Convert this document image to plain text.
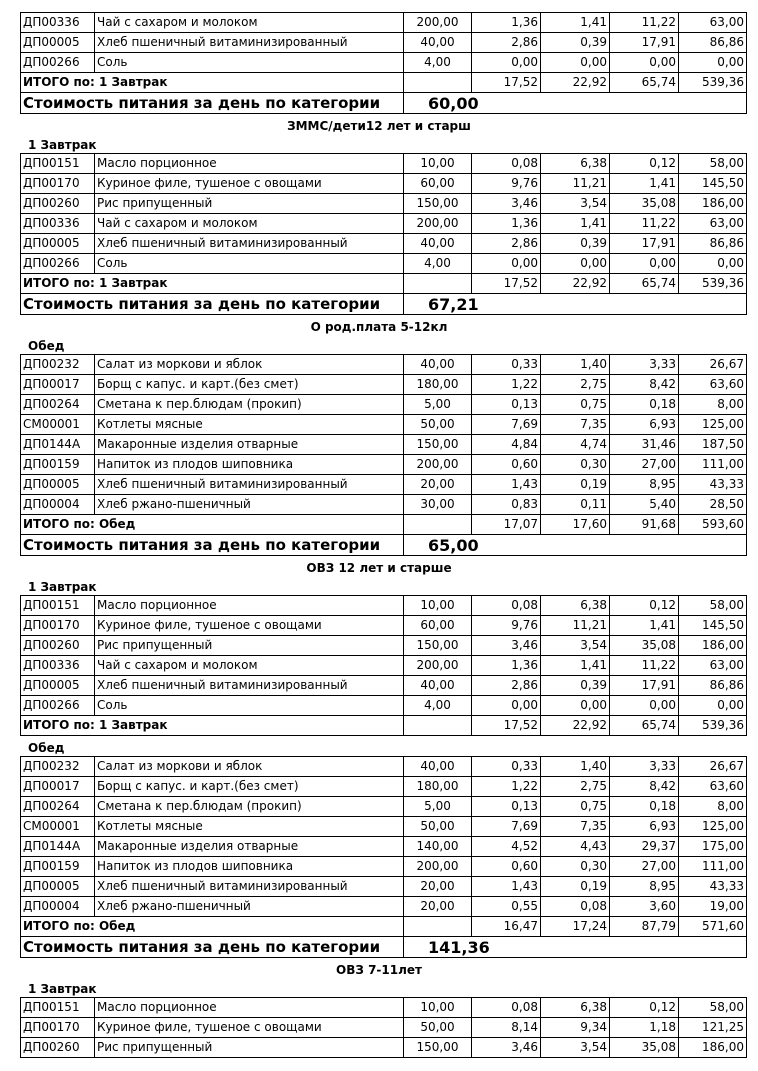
ДП00336	Чай с сахаром и молоком	200,00	1,36	1,41	11,22	63,00
ДП00005	Хлеб пшеничный витаминизированный	40,00	2,86	0,39	17,91	86,86
ДП00266	Соль	4,00	0,00	0,00	0,00	0,00
ИТОГО по: 1 Завтрак			17,52	22,92	65,74	539,36
Стоимость питания за день по категории		60,00				
ЗММС/дети12 лет и старш
1 Завтрак
ДП00151	Масло порционное	10,00	0,08	6,38	0,12	58,00
ДП00170	Куриное филе, тушеное с овощами	60,00	9,76	11,21	1,41	145,50
ДП00260	Рис припущенный	150,00	3,46	3,54	35,08	186,00
ДП00336	Чай с сахаром и молоком	200,00	1,36	1,41	11,22	63,00
ДП00005	Хлеб пшеничный витаминизированный	40,00	2,86	0,39	17,91	86,86
ДП00266	Соль	4,00	0,00	0,00	0,00	0,00
ИТОГО по: 1 Завтрак			17,52	22,92	65,74	539,36
Стоимость питания за день по категории		67,21				
О род.плата 5-12кл
Обед
ДП00232	Салат из моркови и яблок	40,00	0,33	1,40	3,33	26,67
ДП00017	Борщ с капус. и карт.(без смет)	180,00	1,22	2,75	8,42	63,60
ДП00264	Сметана к пер.блюдам (прокип)	5,00	0,13	0,75	0,18	8,00
СМ00001	Котлеты мясные	50,00	7,69	7,35	6,93	125,00
ДП0144А	Макаронные изделия отварные	150,00	4,84	4,74	31,46	187,50
ДП00159	Напиток из плодов шиповника	200,00	0,60	0,30	27,00	111,00
ДП00005	Хлеб пшеничный витаминизированный	20,00	1,43	0,19	8,95	43,33
ДП00004	Хлеб ржано-пшеничный	30,00	0,83	0,11	5,40	28,50
ИТОГО по: Обед			17,07	17,60	91,68	593,60
Стоимость питания за день по категории		65,00				
ОВЗ 12 лет и старше
1 Завтрак
ДП00151	Масло порционное	10,00	0,08	6,38	0,12	58,00
ДП00170	Куриное филе, тушеное с овощами	60,00	9,76	11,21	1,41	145,50
ДП00260	Рис припущенный	150,00	3,46	3,54	35,08	186,00
ДП00336	Чай с сахаром и молоком	200,00	1,36	1,41	11,22	63,00
ДП00005	Хлеб пшеничный витаминизированный	40,00	2,86	0,39	17,91	86,86
ДП00266	Соль	4,00	0,00	0,00	0,00	0,00
ИТОГО по: 1 Завтрак			17,52	22,92	65,74	539,36
Обед
ДП00232	Салат из моркови и яблок	40,00	0,33	1,40	3,33	26,67
ДП00017	Борщ с капус. и карт.(без смет)	180,00	1,22	2,75	8,42	63,60
ДП00264	Сметана к пер.блюдам (прокип)	5,00	0,13	0,75	0,18	8,00
СМ00001	Котлеты мясные	50,00	7,69	7,35	6,93	125,00
ДП0144А	Макаронные изделия отварные	140,00	4,52	4,43	29,37	175,00
ДП00159	Напиток из плодов шиповника	200,00	0,60	0,30	27,00	111,00
ДП00005	Хлеб пшеничный витаминизированный	20,00	1,43	0,19	8,95	43,33
ДП00004	Хлеб ржано-пшеничный	20,00	0,55	0,08	3,60	19,00
ИТОГО по: Обед			16,47	17,24	87,79	571,60
Стоимость питания за день по категории		141,36				
ОВЗ 7-11лет
1 Завтрак
ДП00151	Масло порционное	10,00	0,08	6,38	0,12	58,00
ДП00170	Куриное филе, тушеное с овощами	50,00	8,14	9,34	1,18	121,25
ДП00260	Рис припущенный	150,00	3,46	3,54	35,08	186,00
